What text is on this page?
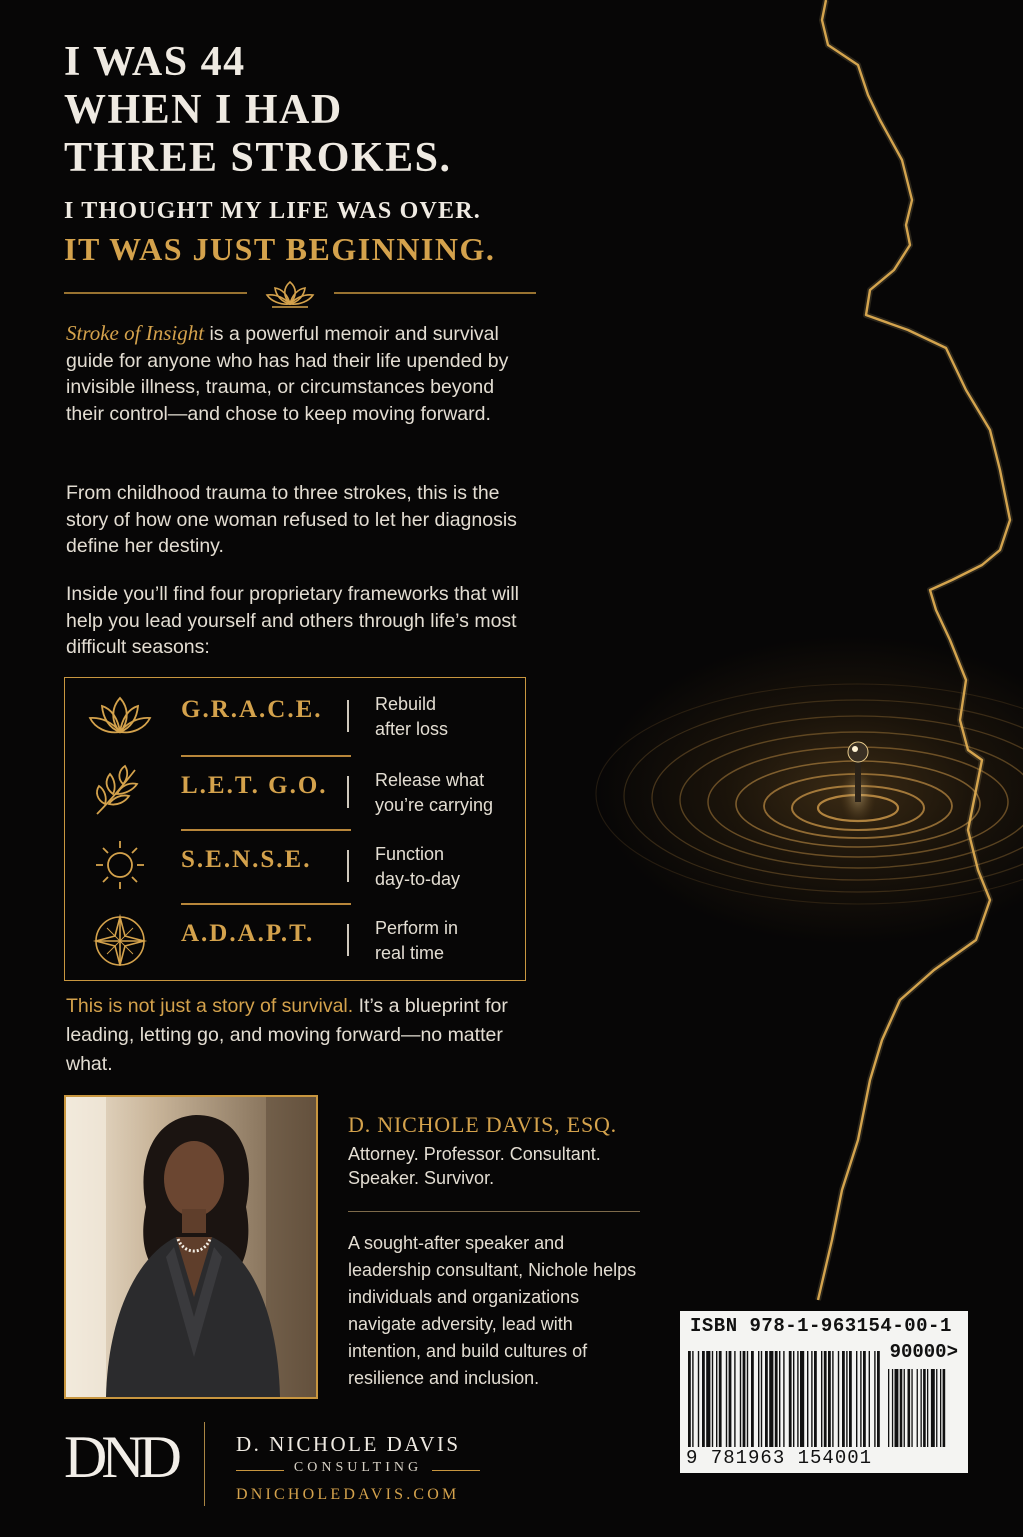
I WAS 44

WHEN I HAD

THREE STROKES.

I THOUGHT MY LIFE WAS OVER.

IT WAS JUST BEGINNING.

Stroke of Insight is a powerful memoir and survival guide for anyone who has had their life upended by invisible illness, trauma, or circumstances beyond their control—and chose to keep moving forward.

From childhood trauma to three strokes, this is the story of how one woman refused to let her diagnosis define her destiny.

Inside you’ll find four proprietary frameworks that will help you lead yourself and others through life’s most difficult seasons:

G.R.A.C.E.	Rebuild
after loss
L.E.T. G.O.	Release what
you’re carrying
S.E.N.S.E.	Function
day-to-day
A.D.A.P.T.	Perform in
real time

This is not just a story of survival. It’s a blueprint for leading, letting go, and moving forward—no matter what.

D. NICHOLE DAVIS, ESQ.
Attorney. Professor. Consultant.
Speaker. Survivor.
A sought-after speaker and leadership consultant, Nichole helps individuals and organizations navigate adversity, lead with intention, and build cultures of resilience and inclusion.
DND	D. NICHOLE DAVIS
CONSULTING
DNICHOLEDAVIS.COM
ISBN 978-1-963154-00-1
90000>
9 781963 154001
